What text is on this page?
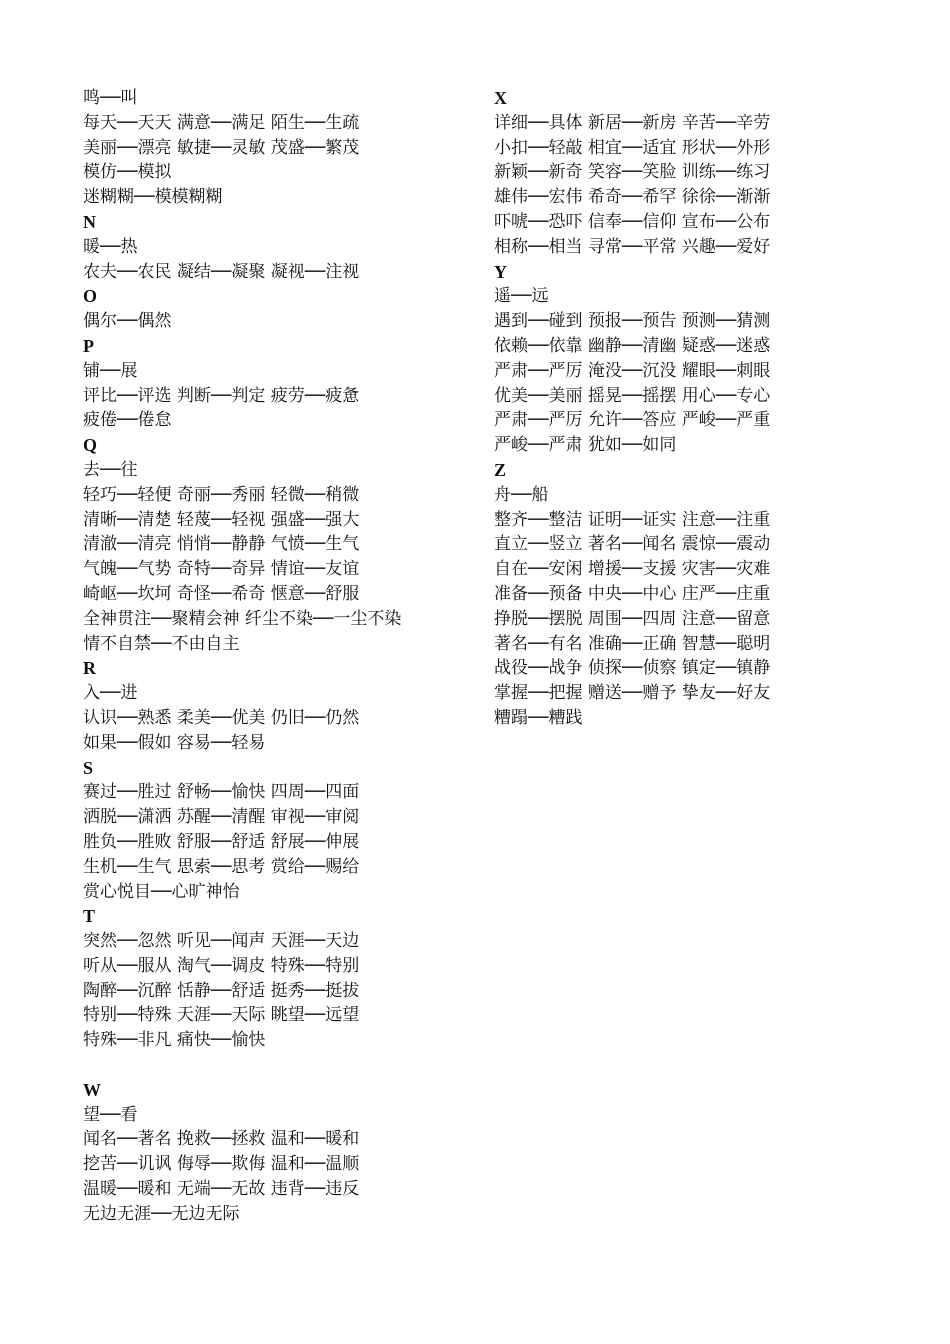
鸣──叫
每天──天天 满意──满足 陌生──生疏
美丽──漂亮 敏捷──灵敏 茂盛──繁茂
模仿──模拟
迷糊糊──模模糊糊
N
暖──热
农夫──农民 凝结──凝聚 凝视──注视
O
偶尔──偶然
P
铺──展
评比──评选 判断──判定 疲劳──疲惫
疲倦──倦怠
Q
去──往
轻巧──轻便 奇丽──秀丽 轻微──稍微
清晰──清楚 轻蔑──轻视 强盛──强大
清澈──清亮 悄悄──静静 气愤──生气
气魄──气势 奇特──奇异 情谊──友谊
崎岖──坎坷 奇怪──希奇 惬意──舒服
全神贯注──聚精会神 纤尘不染──一尘不染
情不自禁──不由自主
R
入──进
认识──熟悉 柔美──优美 仍旧──仍然
如果──假如 容易──轻易
S
赛过──胜过 舒畅──愉快 四周──四面
洒脱──潇洒 苏醒──清醒 审视──审阅
胜负──胜败 舒服──舒适 舒展──伸展
生机──生气 思索──思考 赏给──赐给
赏心悦目──心旷神怡
T
突然──忽然 听见──闻声 天涯──天边
听从──服从 淘气──调皮 特殊──特别
陶醉──沉醉 恬静──舒适 挺秀──挺拔
特别──特殊 天涯──天际 眺望──远望
特殊──非凡 痛快──愉快
W
望──看
闻名──著名 挽救──拯救 温和──暖和
挖苦──讥讽 侮辱──欺侮 温和──温顺
温暖──暖和 无端──无故 违背──违反
无边无涯──无边无际
X
详细──具体 新居──新房 辛苦──辛劳
小扣──轻敲 相宜──适宜 形状──外形
新颖──新奇 笑容──笑脸 训练──练习
雄伟──宏伟 希奇──希罕 徐徐──渐渐
吓唬──恐吓 信奉──信仰 宣布──公布
相称──相当 寻常──平常 兴趣──爱好
Y
遥──远
遇到──碰到 预报──预告 预测──猜测
依赖──依靠 幽静──清幽 疑惑──迷惑
严肃──严厉 淹没──沉没 耀眼──刺眼
优美──美丽 摇晃──摇摆 用心──专心
严肃──严厉 允许──答应 严峻──严重
严峻──严肃 犹如──如同
Z
舟──船
整齐──整洁 证明──证实 注意──注重
直立──竖立 著名──闻名 震惊──震动
自在──安闲 增援──支援 灾害──灾难
准备──预备 中央──中心 庄严──庄重
挣脱──摆脱 周围──四周 注意──留意
著名──有名 准确──正确 智慧──聪明
战役──战争 侦探──侦察 镇定──镇静
掌握──把握 赠送──赠予 挚友──好友
糟蹋──糟践
